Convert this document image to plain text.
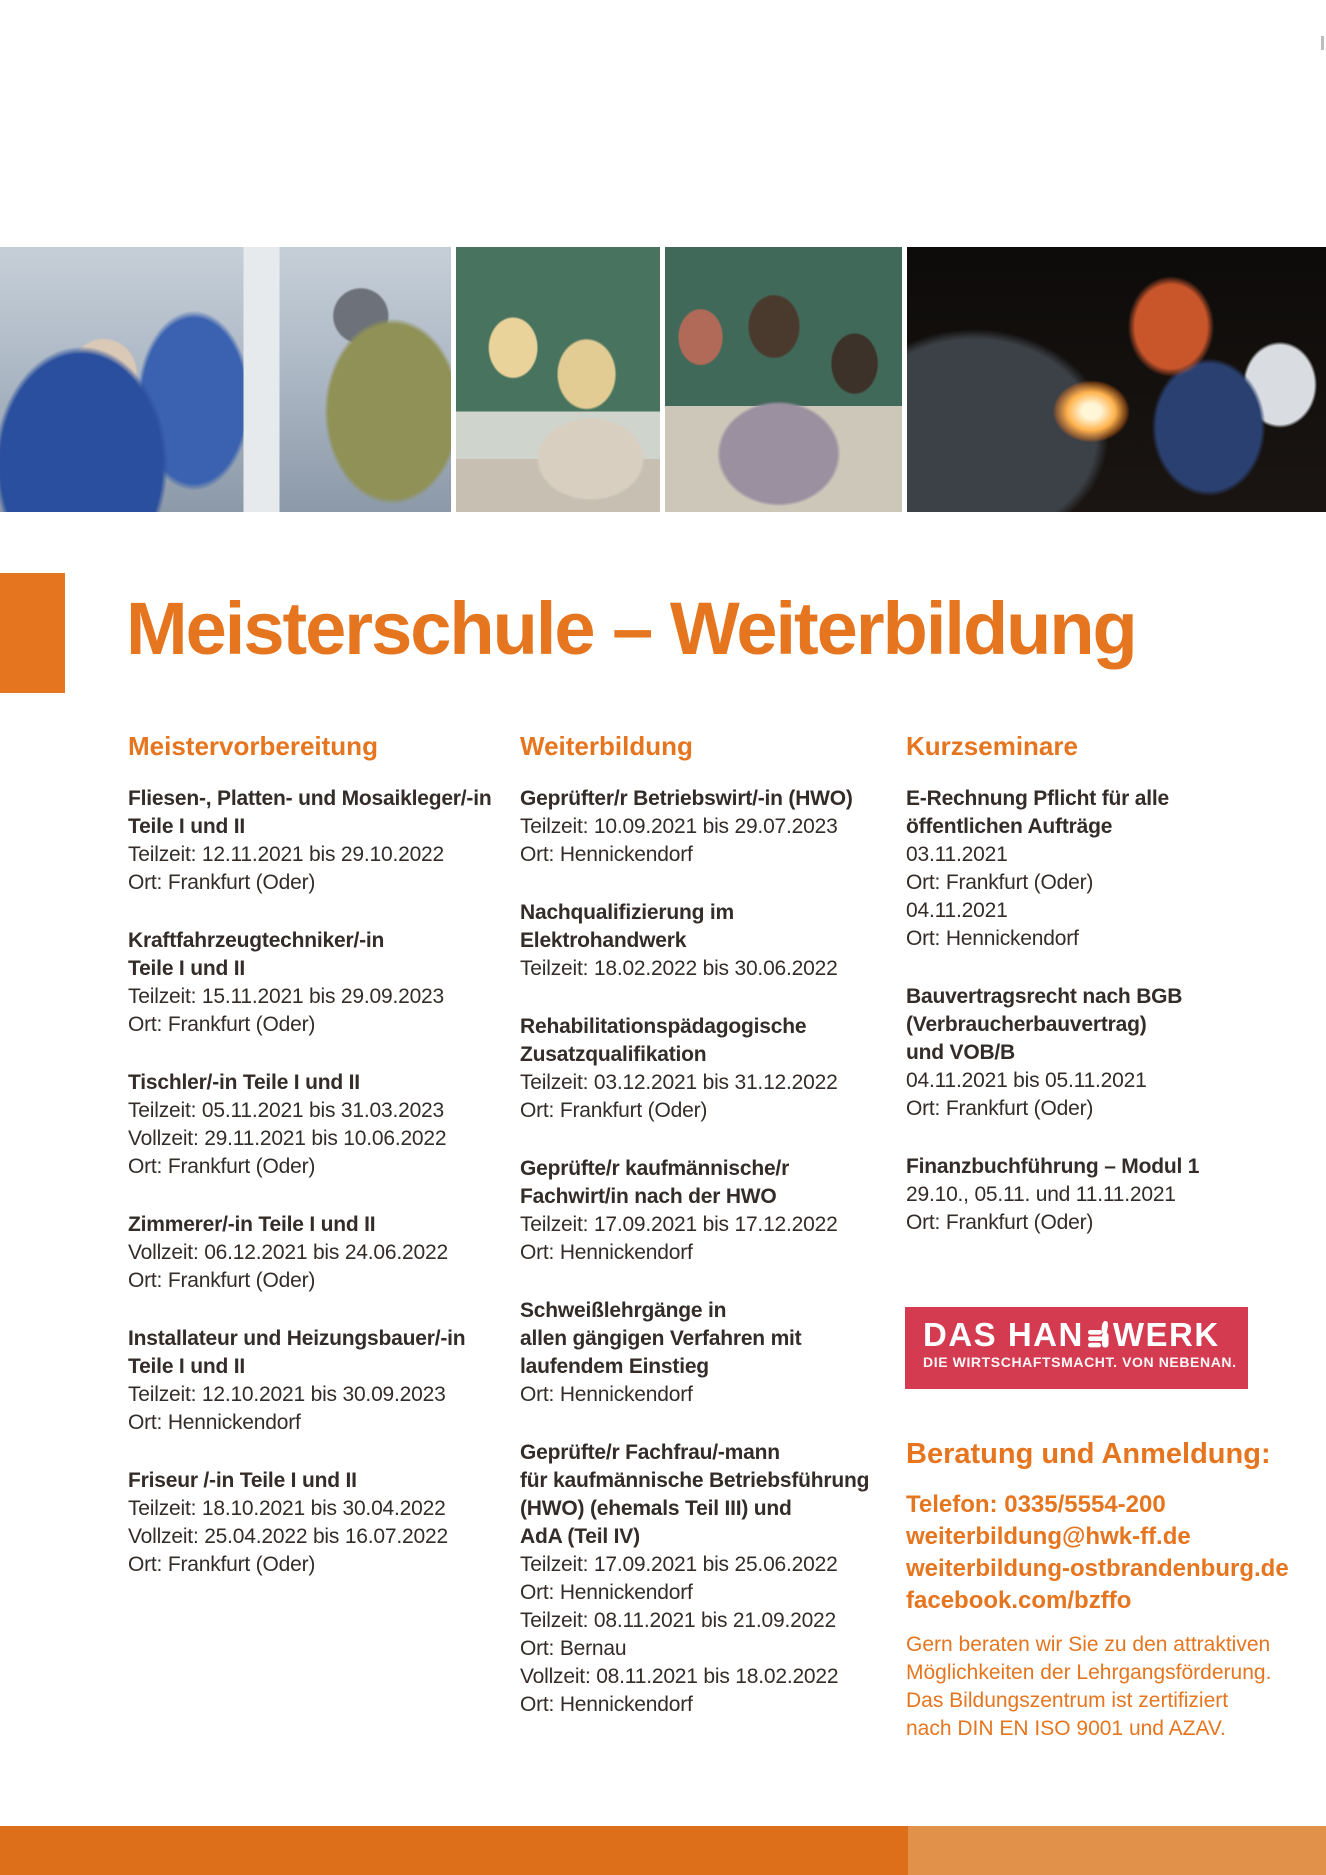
Meisterschule – Weiterbildung
Meistervorbereitung
Fliesen-, Platten- und Mosaikleger/-in
Teile I und II
Teilzeit: 12.11.2021 bis 29.10.2022
Ort: Frankfurt (Oder)
Kraftfahrzeugtechniker/-in
Teile I und II
Teilzeit: 15.11.2021 bis 29.09.2023
Ort: Frankfurt (Oder)
Tischler/-in Teile I und II
Teilzeit: 05.11.2021 bis 31.03.2023
Vollzeit: 29.11.2021 bis 10.06.2022
Ort: Frankfurt (Oder)
Zimmerer/-in Teile I und II
Vollzeit: 06.12.2021 bis 24.06.2022
Ort: Frankfurt (Oder)
Installateur und Heizungsbauer/-in
Teile I und II
Teilzeit: 12.10.2021 bis 30.09.2023
Ort: Hennickendorf
Friseur /-in Teile I und II
Teilzeit: 18.10.2021 bis 30.04.2022
Vollzeit: 25.04.2022 bis 16.07.2022
Ort: Frankfurt (Oder)
Weiterbildung
Geprüfter/r Betriebswirt/-in (HWO)
Teilzeit: 10.09.2021 bis 29.07.2023
Ort: Hennickendorf
Nachqualifizierung im
Elektrohandwerk
Teilzeit: 18.02.2022 bis 30.06.2022
Rehabilitationspädagogische
Zusatzqualifikation
Teilzeit: 03.12.2021 bis 31.12.2022
Ort: Frankfurt (Oder)
Geprüfte/r kaufmännische/r
Fachwirt/in nach der HWO
Teilzeit: 17.09.2021 bis 17.12.2022
Ort: Hennickendorf
Schweißlehrgänge in
allen gängigen Verfahren mit
laufendem Einstieg
Ort: Hennickendorf
Geprüfte/r Fachfrau/-mann
für kaufmännische Betriebsführung
(HWO) (ehemals Teil III) und
AdA (Teil IV)
Teilzeit: 17.09.2021 bis 25.06.2022
Ort: Hennickendorf
Teilzeit: 08.11.2021 bis 21.09.2022
Ort: Bernau
Vollzeit: 08.11.2021 bis 18.02.2022
Ort: Hennickendorf
Kurzseminare
E-Rechnung Pflicht für alle
öffentlichen Aufträge
03.11.2021
Ort: Frankfurt (Oder)
04.11.2021
Ort: Hennickendorf
Bauvertragsrecht nach BGB
(Verbraucherbauvertrag)
und VOB/B
04.11.2021 bis 05.11.2021
Ort: Frankfurt (Oder)
Finanzbuchführung – Modul 1
29.10., 05.11. und 11.11.2021
Ort: Frankfurt (Oder)
DAS HAN WERK
DIE WIRTSCHAFTSMACHT. VON NEBENAN.
Beratung und Anmeldung:
Telefon: 0335/5554-200
weiterbildung@hwk-ff.de
weiterbildung-ostbrandenburg.de
facebook.com/bzffo
Gern beraten wir Sie zu den attraktiven
Möglichkeiten der Lehrgangsförderung.
Das Bildungszentrum ist zertifiziert
nach DIN EN ISO 9001 und AZAV.
